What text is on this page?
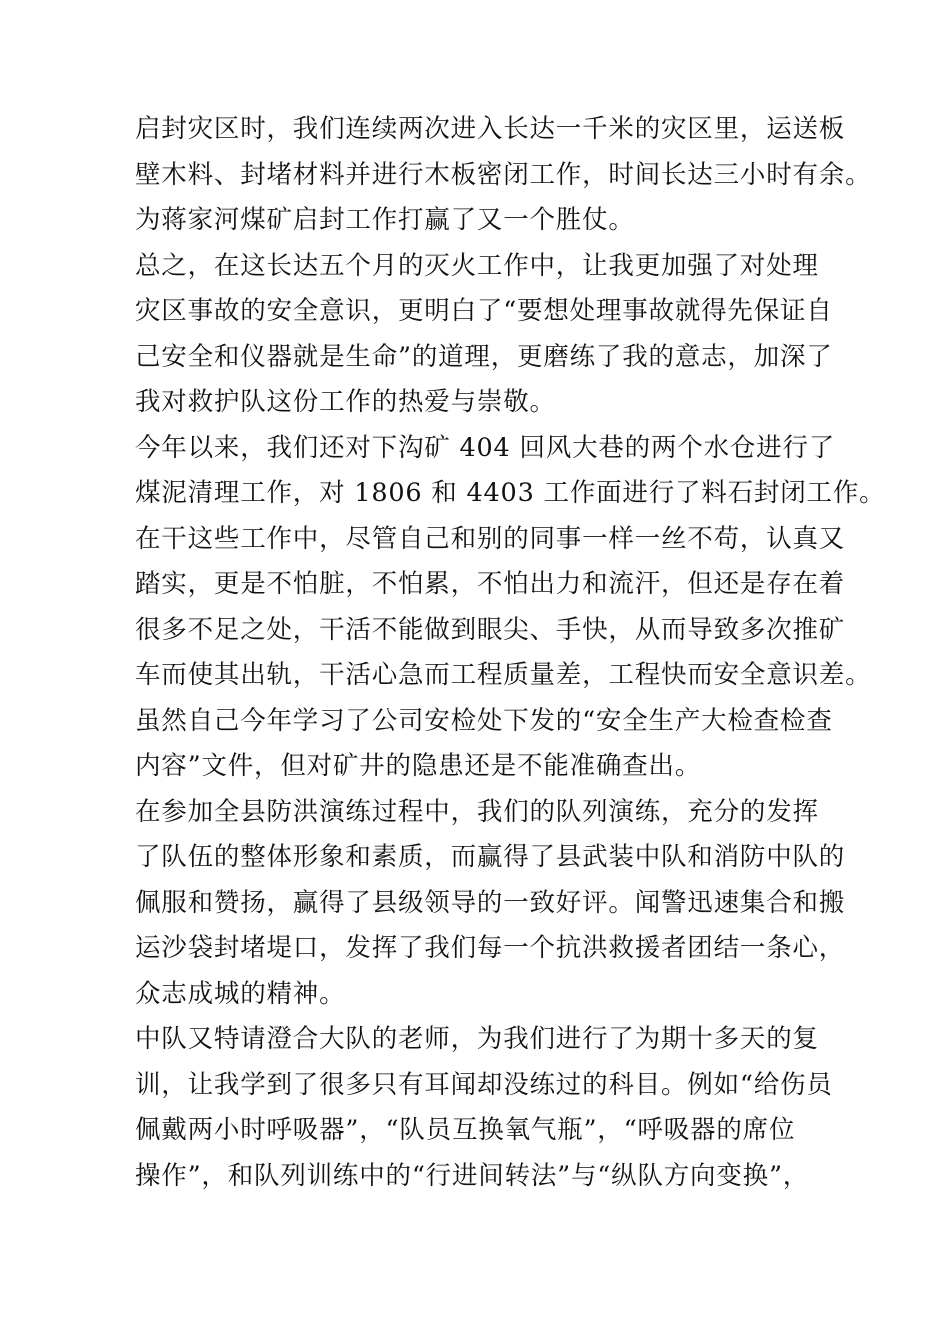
启封灾区时，我们连续两次进入长达一千米的灾区里，运送板
壁木料、封堵材料并进行木板密闭工作，时间长达三小时有余。
为蒋家河煤矿启封工作打赢了又一个胜仗。
总之，在这长达五个月的灭火工作中，让我更加强了对处理
灾区事故的安全意识，更明白了“要想处理事故就得先保证自
己安全和仪器就是生命”的道理，更磨练了我的意志，加深了
我对救护队这份工作的热爱与崇敬。
今年以来，我们还对下沟矿 404 回风大巷的两个水仓进行了
煤泥清理工作，对 1806 和 4403 工作面进行了料石封闭工作。
在干这些工作中，尽管自己和别的同事一样一丝不苟，认真又
踏实，更是不怕脏，不怕累，不怕出力和流汗，但还是存在着
很多不足之处，干活不能做到眼尖、手快，从而导致多次推矿
车而使其出轨，干活心急而工程质量差，工程快而安全意识差。
虽然自己今年学习了公司安检处下发的“安全生产大检查检查
内容”文件，但对矿井的隐患还是不能准确查出。
在参加全县防洪演练过程中，我们的队列演练，充分的发挥
了队伍的整体形象和素质，而赢得了县武装中队和消防中队的
佩服和赞扬，赢得了县级领导的一致好评。闻警迅速集合和搬
运沙袋封堵堤口，发挥了我们每一个抗洪救援者团结一条心，
众志成城的精神。
中队又特请澄合大队的老师，为我们进行了为期十多天的复
训，让我学到了很多只有耳闻却没练过的科目。例如“给伤员
佩戴两小时呼吸器”，“队员互换氧气瓶”，“呼吸器的席位
操作”，和队列训练中的“行进间转法”与“纵队方向变换”，
